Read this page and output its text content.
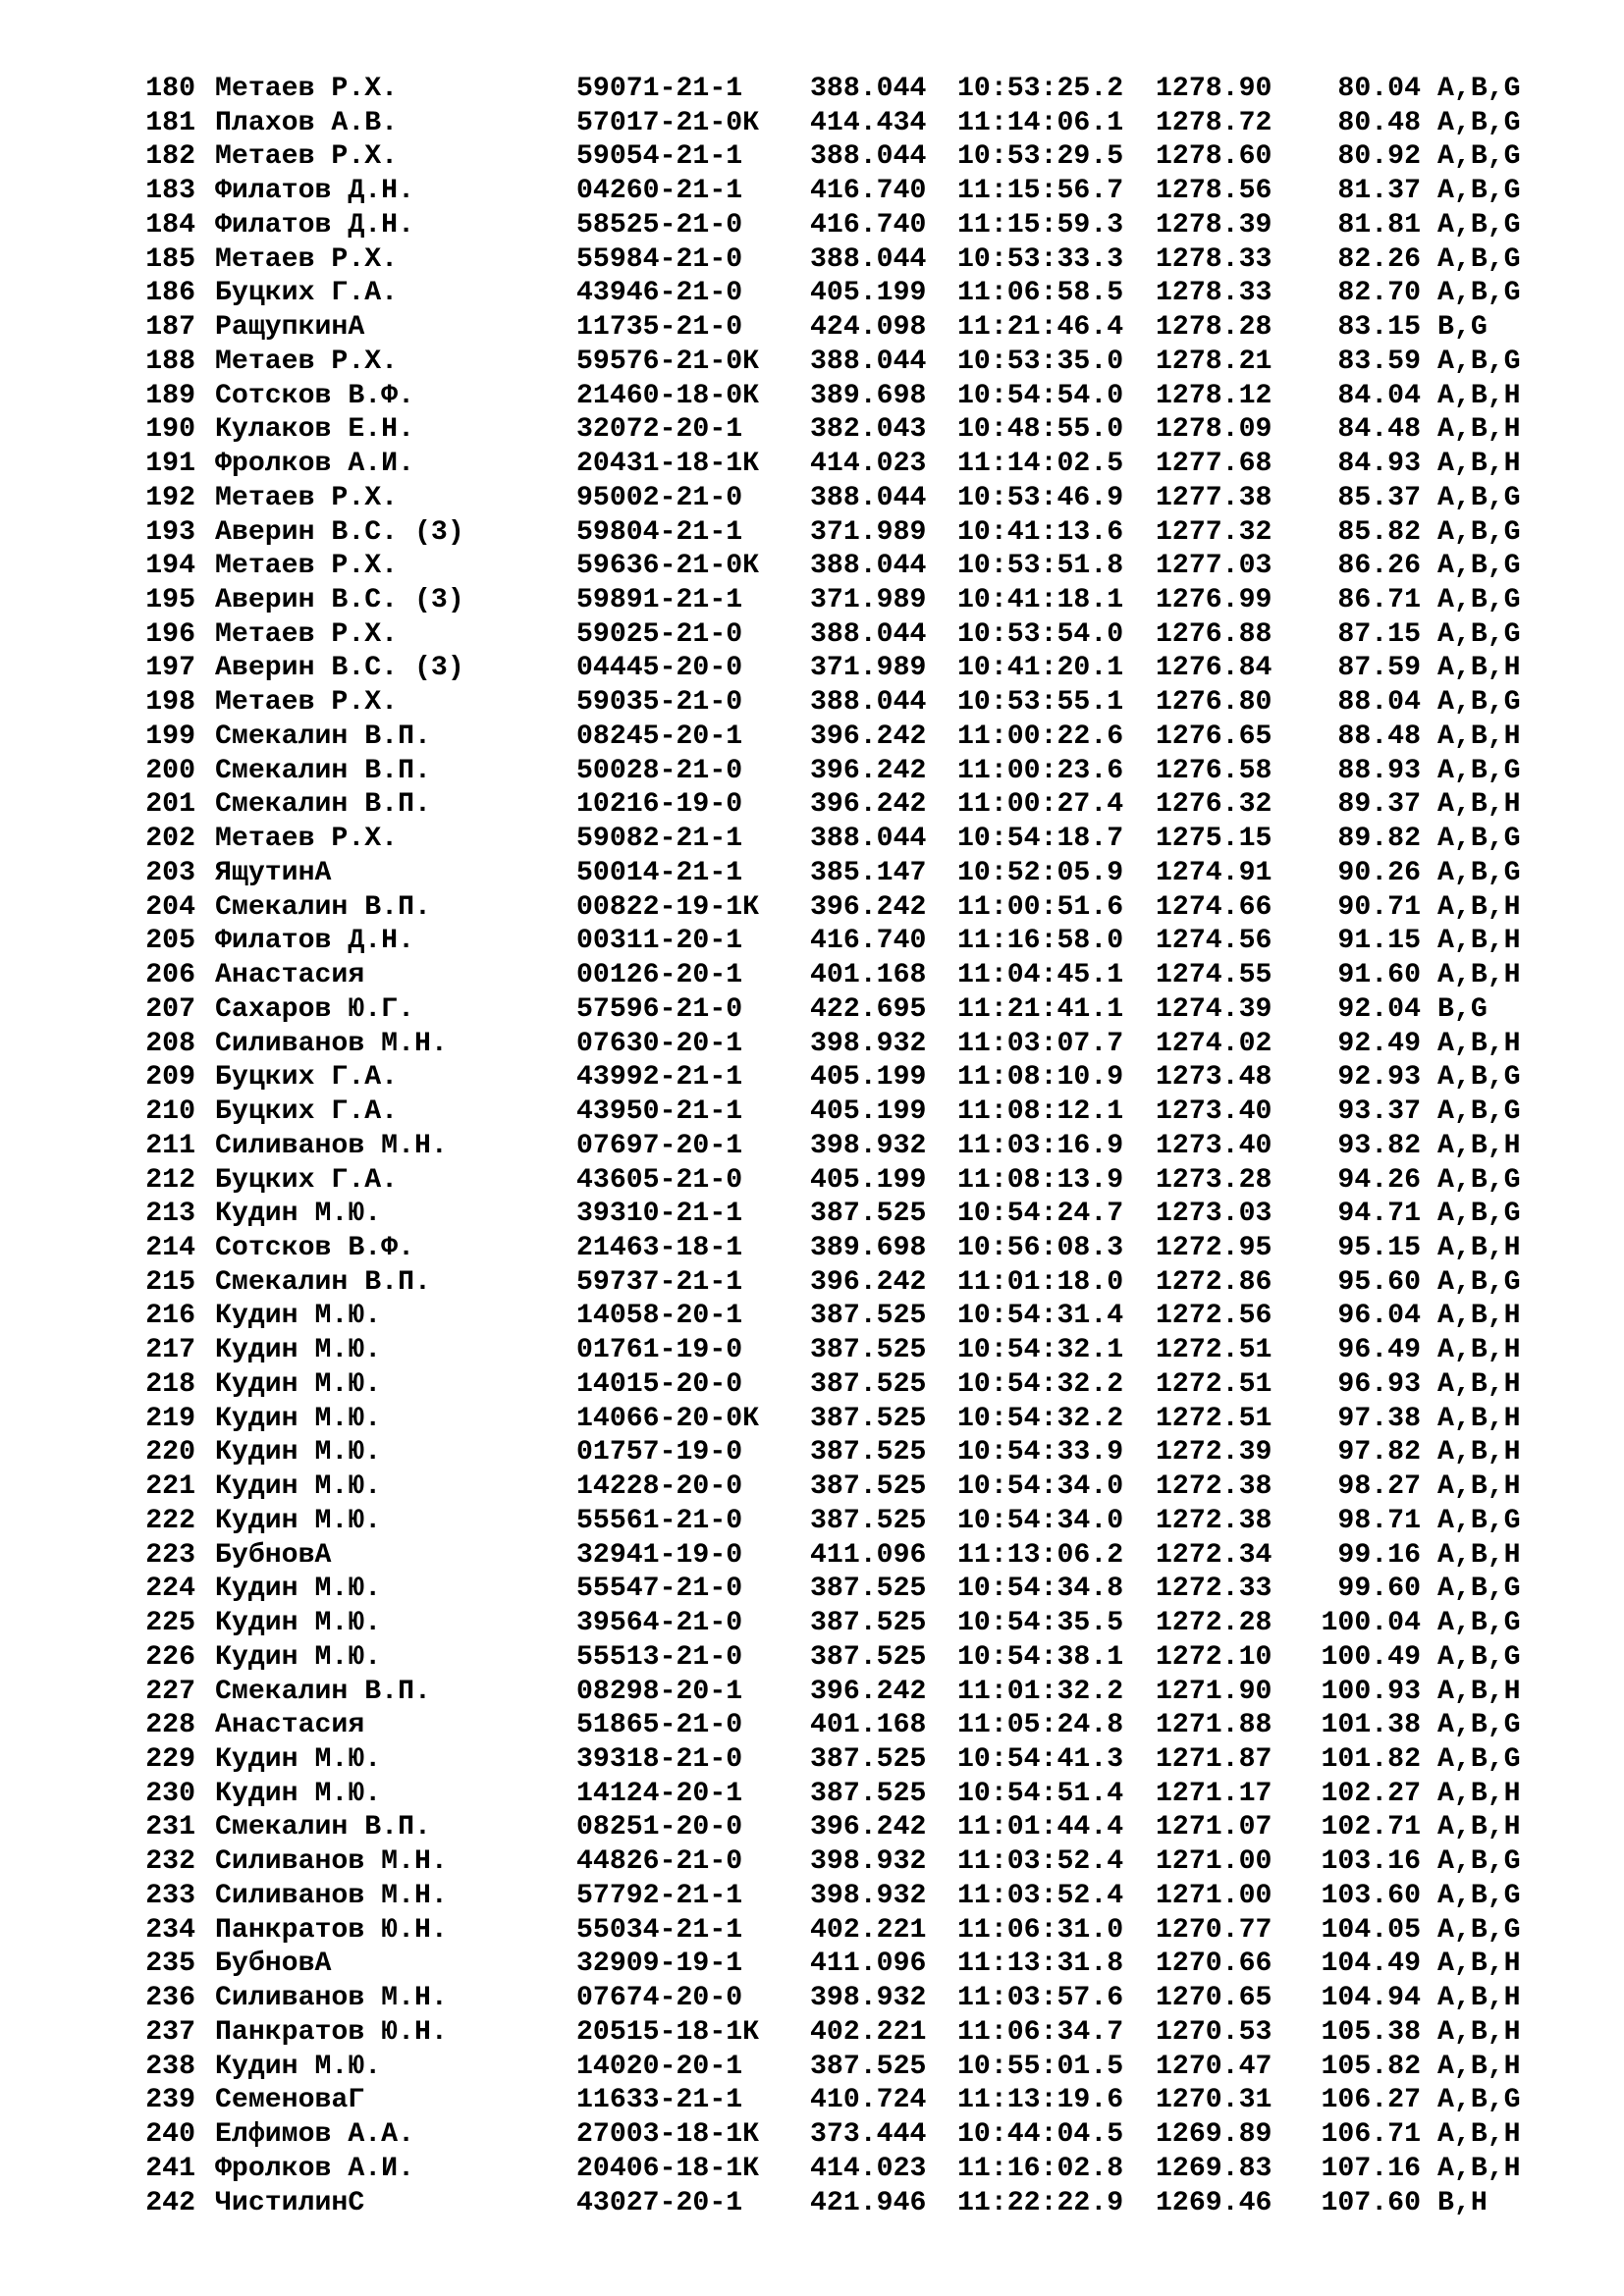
180 Метаев Р.Х.	59071-21-1 388.044 10:53:25.2 1278.90 80.04 A,B,G
181 Плахов А.В.	57017-21-0К 414.434 11:14:06.1 1278.72 80.48 A,B,G
182 Метаев Р.Х.	59054-21-1 388.044 10:53:29.5 1278.60 80.92 A,B,G
183 Филатов Д.Н.	04260-21-1 416.740 11:15:56.7 1278.56 81.37 A,B,G
184 Филатов Д.Н.	58525-21-0 416.740 11:15:59.3 1278.39 81.81 A,B,G
185 Метаев Р.Х.	55984-21-0 388.044 10:53:33.3 1278.33 82.26 A,B,G
186 Буцких Г.А.	43946-21-0 405.199 11:06:58.5 1278.33 82.70 A,B,G
187 РащупкинА	11735-21-0 424.098 11:21:46.4 1278.28 83.15 B,G
188 Метаев Р.Х.	59576-21-0К 388.044 10:53:35.0 1278.21 83.59 A,B,G
189 Сотсков В.Ф.	21460-18-0К 389.698 10:54:54.0 1278.12 84.04 A,B,H
190 Кулаков Е.Н.	32072-20-1 382.043 10:48:55.0 1278.09 84.48 A,B,H
191 Фролков А.И.	20431-18-1К 414.023 11:14:02.5 1277.68 84.93 A,B,H
192 Метаев Р.Х.	95002-21-0 388.044 10:53:46.9 1277.38 85.37 A,B,G
193 Аверин В.С. (3)	59804-21-1 371.989 10:41:13.6 1277.32 85.82 A,B,G
194 Метаев Р.Х.	59636-21-0К 388.044 10:53:51.8 1277.03 86.26 A,B,G
195 Аверин В.С. (3)	59891-21-1 371.989 10:41:18.1 1276.99 86.71 A,B,G
196 Метаев Р.Х.	59025-21-0 388.044 10:53:54.0 1276.88 87.15 A,B,G
197 Аверин В.С. (3)	04445-20-0 371.989 10:41:20.1 1276.84 87.59 A,B,H
198 Метаев Р.Х.	59035-21-0 388.044 10:53:55.1 1276.80 88.04 A,B,G
199 Смекалин В.П.	08245-20-1 396.242 11:00:22.6 1276.65 88.48 A,B,H
200 Смекалин В.П.	50028-21-0 396.242 11:00:23.6 1276.58 88.93 A,B,G
201 Смекалин В.П.	10216-19-0 396.242 11:00:27.4 1276.32 89.37 A,B,H
202 Метаев Р.Х.	59082-21-1 388.044 10:54:18.7 1275.15 89.82 A,B,G
203 ЯщутинА	50014-21-1 385.147 10:52:05.9 1274.91 90.26 A,B,G
204 Смекалин В.П.	00822-19-1К 396.242 11:00:51.6 1274.66 90.71 A,B,H
205 Филатов Д.Н.	00311-20-1 416.740 11:16:58.0 1274.56 91.15 A,B,H
206 Анастасия	00126-20-1 401.168 11:04:45.1 1274.55 91.60 A,B,H
207 Сахаров Ю.Г.	57596-21-0 422.695 11:21:41.1 1274.39 92.04 B,G
208 Силиванов М.Н.	07630-20-1 398.932 11:03:07.7 1274.02 92.49 A,B,H
209 Буцких Г.А.	43992-21-1 405.199 11:08:10.9 1273.48 92.93 A,B,G
210 Буцких Г.А.	43950-21-1 405.199 11:08:12.1 1273.40 93.37 A,B,G
211 Силиванов М.Н.	07697-20-1 398.932 11:03:16.9 1273.40 93.82 A,B,H
212 Буцких Г.А.	43605-21-0 405.199 11:08:13.9 1273.28 94.26 A,B,G
213 Кудин М.Ю.	39310-21-1 387.525 10:54:24.7 1273.03 94.71 A,B,G
214 Сотсков В.Ф.	21463-18-1 389.698 10:56:08.3 1272.95 95.15 A,B,H
215 Смекалин В.П.	59737-21-1 396.242 11:01:18.0 1272.86 95.60 A,B,G
216 Кудин М.Ю.	14058-20-1 387.525 10:54:31.4 1272.56 96.04 A,B,H
217 Кудин М.Ю.	01761-19-0 387.525 10:54:32.1 1272.51 96.49 A,B,H
218 Кудин М.Ю.	14015-20-0 387.525 10:54:32.2 1272.51 96.93 A,B,H
219 Кудин М.Ю.	14066-20-0К 387.525 10:54:32.2 1272.51 97.38 A,B,H
220 Кудин М.Ю.	01757-19-0 387.525 10:54:33.9 1272.39 97.82 A,B,H
221 Кудин М.Ю.	14228-20-0 387.525 10:54:34.0 1272.38 98.27 A,B,H
222 Кудин М.Ю.	55561-21-0 387.525 10:54:34.0 1272.38 98.71 A,B,G
223 БубновА	32941-19-0 411.096 11:13:06.2 1272.34 99.16 A,B,H
224 Кудин М.Ю.	55547-21-0 387.525 10:54:34.8 1272.33 99.60 A,B,G
225 Кудин М.Ю.	39564-21-0 387.525 10:54:35.5 1272.28 100.04 A,B,G
226 Кудин М.Ю.	55513-21-0 387.525 10:54:38.1 1272.10 100.49 A,B,G
227 Смекалин В.П.	08298-20-1 396.242 11:01:32.2 1271.90 100.93 A,B,H
228 Анастасия	51865-21-0 401.168 11:05:24.8 1271.88 101.38 A,B,G
229 Кудин М.Ю.	39318-21-0 387.525 10:54:41.3 1271.87 101.82 A,B,G
230 Кудин М.Ю.	14124-20-1 387.525 10:54:51.4 1271.17 102.27 A,B,H
231 Смекалин В.П.	08251-20-0 396.242 11:01:44.4 1271.07 102.71 A,B,H
232 Силиванов М.Н.	44826-21-0 398.932 11:03:52.4 1271.00 103.16 A,B,G
233 Силиванов М.Н.	57792-21-1 398.932 11:03:52.4 1271.00 103.60 A,B,G
234 Панкратов Ю.Н.	55034-21-1 402.221 11:06:31.0 1270.77 104.05 A,B,G
235 БубновА	32909-19-1 411.096 11:13:31.8 1270.66 104.49 A,B,H
236 Силиванов М.Н.	07674-20-0 398.932 11:03:57.6 1270.65 104.94 A,B,H
237 Панкратов Ю.Н.	20515-18-1К 402.221 11:06:34.7 1270.53 105.38 A,B,H
238 Кудин М.Ю.	14020-20-1 387.525 10:55:01.5 1270.47 105.82 A,B,H
239 СеменоваГ	11633-21-1 410.724 11:13:19.6 1270.31 106.27 A,B,G
240 Елфимов А.А.	27003-18-1К 373.444 10:44:04.5 1269.89 106.71 A,B,H
241 Фролков А.И.	20406-18-1К 414.023 11:16:02.8 1269.83 107.16 A,B,H
242 ЧистилинС	43027-20-1 421.946 11:22:22.9 1269.46 107.60 B,H
